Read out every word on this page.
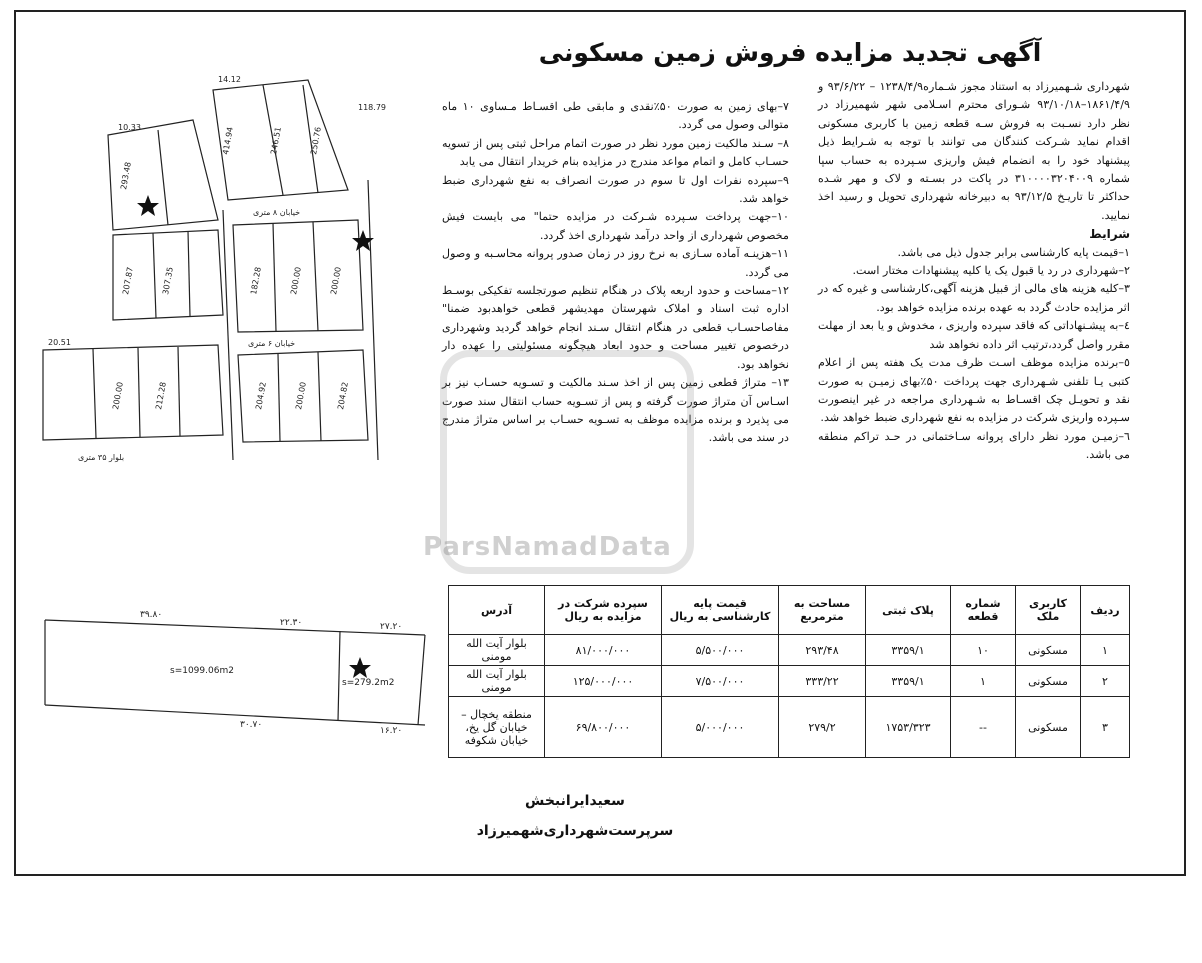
آگهی تجدید مزایده فروش زمین مسکونی
بلوار ۳۵ متری
خیابان ۶ متری
خیابان ۸ متری
293.48
414.94	246.51	250.76
207.87	307.35	182.28	200.00	200.00
200.00	212.28	204.92	200.00	204.82
10.33
14.12
118.79
20.51
s=1099.06m2
s=279.2m2
۳۹.۸۰
۲۲.۳۰	۲۷.۲۰
۳۰.۷۰
۱۶.۲۰

شهرداری شـهمیرزاد به استناد مجوز شـماره۱۲۳۸/۴/۹ – ۹۳/۶/۲۲ و ۱۸۶۱/۴/۹–۹۳/۱۰/۱۸ شـورای محترم اسـلامی شهر شهمیرزاد در نظر دارد نسـبت به فروش سـه قطعه زمین با کاربری مسکونی اقدام نماید شـرکت کنندگان می توانند با توجه به شـرایط ذیل پیشنهاد خود را به انضمام فیش واریزی سـپرده به حساب سپا شماره ۳۱۰۰۰۰۳۲۰۴۰۰۹ در پاکت در بسـته و لاک و مهر شـده حداکثر تا تاریـخ ۹۳/۱۲/۵ به دبیرخانه شهرداری تحویل و رسید اخذ نمایید.

شرایط

۱–قیمت پایه کارشناسی برابر جدول ذیل می باشد.

۲–شهرداری در رد یا قبول یک یا کلیه پیشنهادات مختار است.

۳–کلیه هزینه های مالی از قبیل هزینه آگهی،کارشناسی و غیره که در اثر مزایده حادث گردد به عهده برنده مزایده خواهد بود.

٤–به پیشـنهاداتی که فاقد سپرده واریزی ، مخدوش و یا بعد از مهلت مقرر واصل گردد،ترتیب اثر داده نخواهد شد

٥–برنده مزایده موظف اسـت ظرف مدت یک هفته پس از اعلام کتبی یـا تلفنی شـهرداری جهت پرداخت ۵۰٪بهای زمیـن به صورت نقد و تحویـل چک اقسـاط به شـهرداری مراجعه در غیر اینصورت سـپرده واریزی شرکت در مزایده به نفع شهرداری ضبط خواهد شد.

٦–زمیـن مورد نظر دارای پروانه سـاختمانی در حـد تراکم منطقه می باشد.

۷–بهای زمین به صورت ۵۰٪نقدی و مابقی طی اقسـاط مـساوی ۱۰ ماه متوالی وصول می گردد.

۸– سـند مالکیت زمین مورد نظر در صورت اتمام مراحل ثبتی پس از تسویه حسـاب کامل و اتمام مواعد مندرج در مزایده بنام خریدار انتقال می یابد

۹–سپرده نفرات اول تا سوم در صورت انصراف به نفع شهرداری ضبط خواهد شد.

۱۰–جهت پرداخت سـپرده شـرکت در مزایده حتما" می بایست فیش مخصوص شهرداری از واحد درآمد شهرداری اخذ گردد.

۱۱–هزینـه آماده سـازی به نرخ روز در زمان صدور پروانه محاسـبه و وصول می گردد.

۱۲–مساحت و حدود اربعه پلاک در هنگام تنظیم صورتجلسه تفکیکی بوسـط اداره ثبت اسناد و املاک شهرستان مهدیشهر قطعی خواهدبود ضمنا" مفاصاحسـاب قطعی در هنگام انتقال سـند انجام خواهد گردید وشهرداری درخصوص تغییر مساحت و حدود ابعاد هیچگونه مسئولیتی را عهده دار نخواهد بود.

۱۳– متراژ قطعی زمین پس از اخذ سـند مالکیت و تسـویه حسـاب نیز بر اسـاس آن متراژ صورت گرفته و پس از تسـویه حساب انتقال سند صورت می پذیرد و برنده مزایده موظف به تسـویه حسـاب بر اساس متراژ مندرج در سند می باشد.

ParsNamadData
ردیف	کاربری ملک	شماره قطعه	پلاک ثبتی	مساحت به مترمربع	قیمت پایه کارشناسی به ریال	سپرده شرکت در مزایده به ریال	آدرس
۱	مسکونی	۱۰	۳۳۵۹/۱	۲۹۳/۴۸	۵/۵۰۰/۰۰۰	۸۱/۰۰۰/۰۰۰	بلوار آیت الله مومنی
۲	مسکونی	۱	۳۳۵۹/۱	۳۳۳/۲۲	۷/۵۰۰/۰۰۰	۱۲۵/۰۰۰/۰۰۰	بلوار آیت الله مومنی
۳	مسکونی	--	۱۷۵۳/۳۲۳	۲۷۹/۲	۵/۰۰۰/۰۰۰	۶۹/۸۰۰/۰۰۰	منطقه یخچال – خیابان گل یخ، خیابان شکوفه
سعیدایرانبخش
سرپرست‌شهرداری‌شهمیرزاد
